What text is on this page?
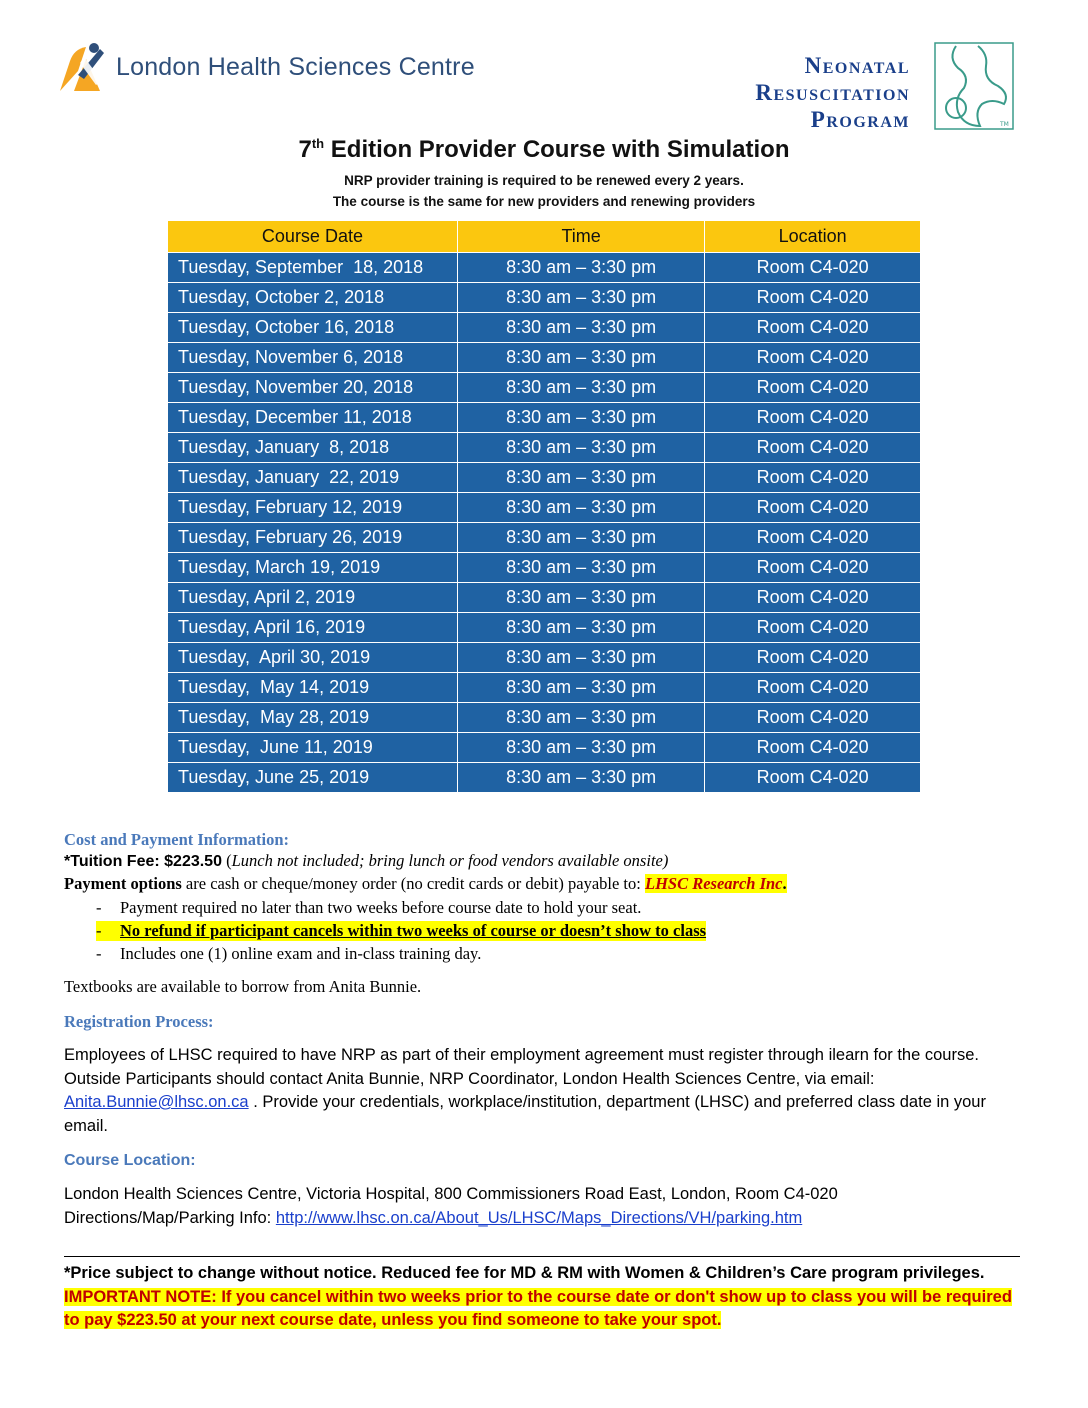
London Health Sciences Centre	Neonatal
Resuscitation
Program	TM
7th Edition Provider Course with Simulation
NRP provider training is required to be renewed every 2 years.
The course is the same for new providers and renewing providers
Course Date	Time	Location
Tuesday, September  18, 2018	8:30 am – 3:30 pm	Room C4-020
Tuesday, October 2, 2018	8:30 am – 3:30 pm	Room C4-020
Tuesday, October 16, 2018	8:30 am – 3:30 pm	Room C4-020
Tuesday, November 6, 2018	8:30 am – 3:30 pm	Room C4-020
Tuesday, November 20, 2018	8:30 am – 3:30 pm	Room C4-020
Tuesday, December 11, 2018	8:30 am – 3:30 pm	Room C4-020
Tuesday, January  8, 2018	8:30 am – 3:30 pm	Room C4-020
Tuesday, January  22, 2019	8:30 am – 3:30 pm	Room C4-020
Tuesday, February 12, 2019	8:30 am – 3:30 pm	Room C4-020
Tuesday, February 26, 2019	8:30 am – 3:30 pm	Room C4-020
Tuesday, March 19, 2019	8:30 am – 3:30 pm	Room C4-020
Tuesday, April 2, 2019	8:30 am – 3:30 pm	Room C4-020
Tuesday, April 16, 2019	8:30 am – 3:30 pm	Room C4-020
Tuesday,  April 30, 2019	8:30 am – 3:30 pm	Room C4-020
Tuesday,  May 14, 2019	8:30 am – 3:30 pm	Room C4-020
Tuesday,  May 28, 2019	8:30 am – 3:30 pm	Room C4-020
Tuesday,  June 11, 2019	8:30 am – 3:30 pm	Room C4-020
Tuesday, June 25, 2019	8:30 am – 3:30 pm	Room C4-020
Cost and Payment Information:
*Tuition Fee: $223.50 (Lunch not included; bring lunch or food vendors available onsite)
Payment options are cash or cheque/money order (no credit cards or debit) payable to: LHSC Research Inc.
- Payment required no later than two weeks before course date to hold your seat.
- No refund if participant cancels within two weeks of course or doesn’t show to class
- Includes one (1) online exam and in-class training day.
Textbooks are available to borrow from Anita Bunnie.
Registration Process:
Employees of LHSC required to have NRP as part of their employment agreement must register through ilearn for the course. Outside Participants should contact Anita Bunnie, NRP Coordinator, London Health Sciences Centre, via email: Anita.Bunnie@lhsc.on.ca . Provide your credentials, workplace/institution, department (LHSC) and preferred class date in your email.
Course Location:
London Health Sciences Centre, Victoria Hospital, 800 Commissioners Road East, London, Room C4-020
Directions/Map/Parking Info: http://www.lhsc.on.ca/About_Us/LHSC/Maps_Directions/VH/parking.htm
*Price subject to change without notice. Reduced fee for MD & RM with Women & Children’s Care program privileges. IMPORTANT NOTE: If you cancel within two weeks prior to the course date or don't show up to class you will be required to pay $223.50 at your next course date, unless you find someone to take your spot.
